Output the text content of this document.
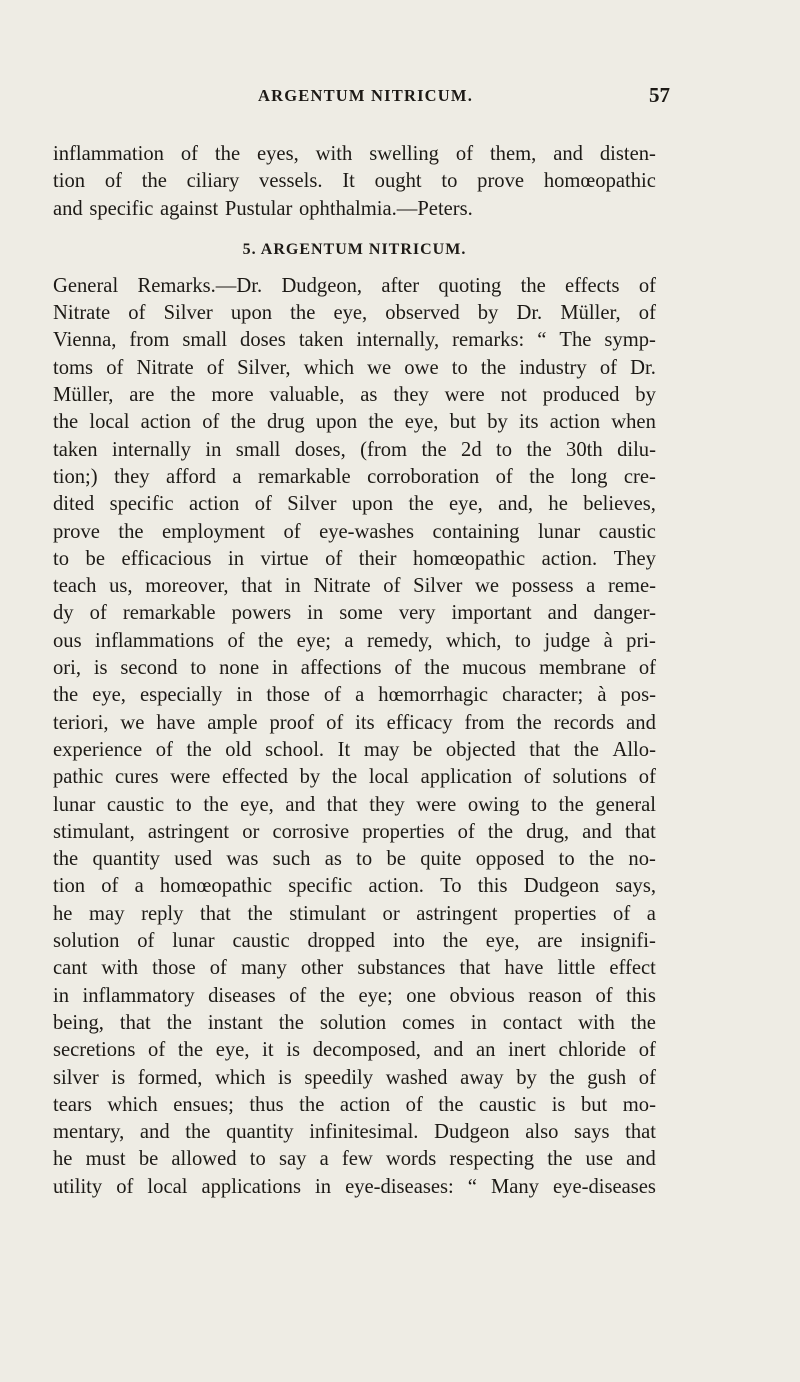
ARGENTUM NITRICUM.	57
inflammation of the eyes, with swelling of them, and disten-
tion of the ciliary vessels. It ought to prove homœopathic
and specific against Pustular ophthalmia.—Peters.
5. ARGENTUM NITRICUM.
General Remarks.—Dr. Dudgeon, after quoting the effects of
Nitrate of Silver upon the eye, observed by Dr. Müller, of
Vienna, from small doses taken internally, remarks: “ The symp-
toms of Nitrate of Silver, which we owe to the industry of Dr.
Müller, are the more valuable, as they were not produced by
the local action of the drug upon the eye, but by its action when
taken internally in small doses, (from the 2d to the 30th dilu-
tion;) they afford a remarkable corroboration of the long cre-
dited specific action of Silver upon the eye, and, he believes,
prove the employment of eye-washes containing lunar caustic
to be efficacious in virtue of their homœopathic action. They
teach us, moreover, that in Nitrate of Silver we possess a reme-
dy of remarkable powers in some very important and danger-
ous inflammations of the eye; a remedy, which, to judge à pri-
ori, is second to none in affections of the mucous membrane of
the eye, especially in those of a hœmorrhagic character; à pos-
teriori, we have ample proof of its efficacy from the records and
experience of the old school. It may be objected that the Allo-
pathic cures were effected by the local application of solutions of
lunar caustic to the eye, and that they were owing to the general
stimulant, astringent or corrosive properties of the drug, and that
the quantity used was such as to be quite opposed to the no-
tion of a homœopathic specific action. To this Dudgeon says,
he may reply that the stimulant or astringent properties of a
solution of lunar caustic dropped into the eye, are insignifi-
cant with those of many other substances that have little effect
in inflammatory diseases of the eye; one obvious reason of this
being, that the instant the solution comes in contact with the
secretions of the eye, it is decomposed, and an inert chloride of
silver is formed, which is speedily washed away by the gush of
tears which ensues; thus the action of the caustic is but mo-
mentary, and the quantity infinitesimal. Dudgeon also says that
he must be allowed to say a few words respecting the use and
utility of local applications in eye-diseases: “ Many eye-diseases
